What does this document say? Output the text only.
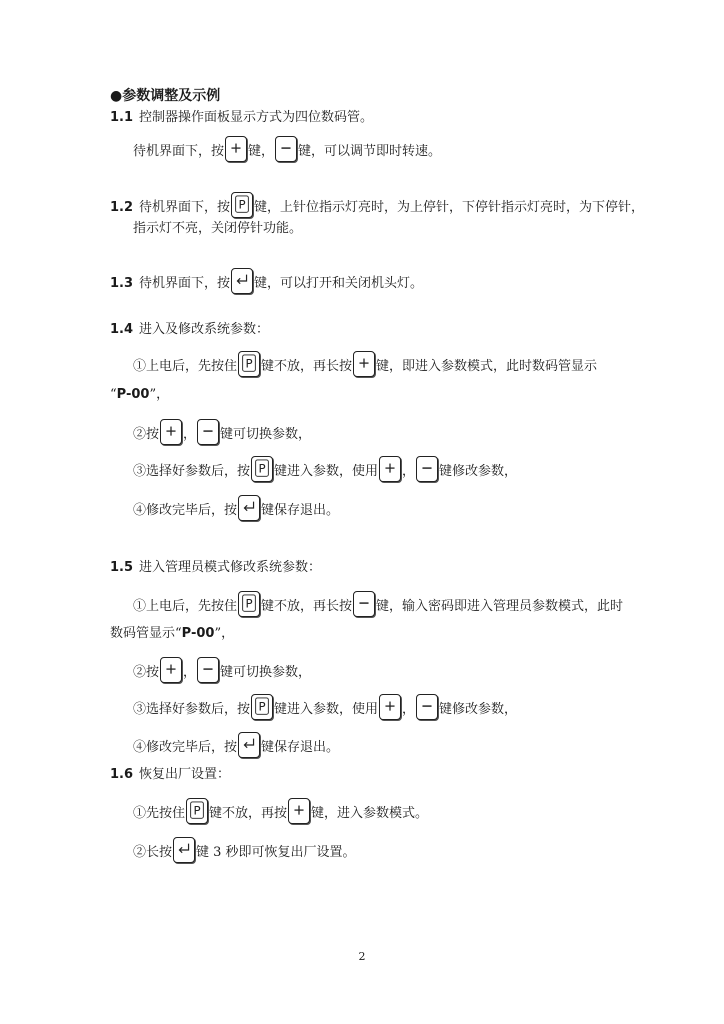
●参数调整及示例
1.1 控制器操作面板显示方式为四位数码管。
待机界面下，按 键， 键，可以调节即时转速。
1.2 待机界面下，按 P 键，上针位指示灯亮时，为上停针，下停针指示灯亮时，为下停针，
指示灯不亮，关闭停针功能。
1.3 待机界面下，按 键，可以打开和关闭机头灯。
1.4 进入及修改系统参数：
①上电后，先按住 P 键不放，再长按 键，即进入参数模式，此时数码管显示
“ P-00 ”，
②按 ， 键可切换参数，
③选择好参数后，按 P 键进入参数，使用 ， 键修改参数，
④修改完毕后，按 键保存退出。
1.5 进入管理员模式修改系统参数：
①上电后，先按住 P 键不放，再长按 键，输入密码即进入管理员参数模式，此时
数码管显示“ P-00 ”，
②按 ， 键可切换参数，
③选择好参数后，按 P 键进入参数，使用 ， 键修改参数，
④修改完毕后，按 键保存退出。
1.6 恢复出厂设置：
①先按住 P 键不放，再按 键，进入参数模式。
②长按 键 3 秒即可恢复出厂设置。
2
